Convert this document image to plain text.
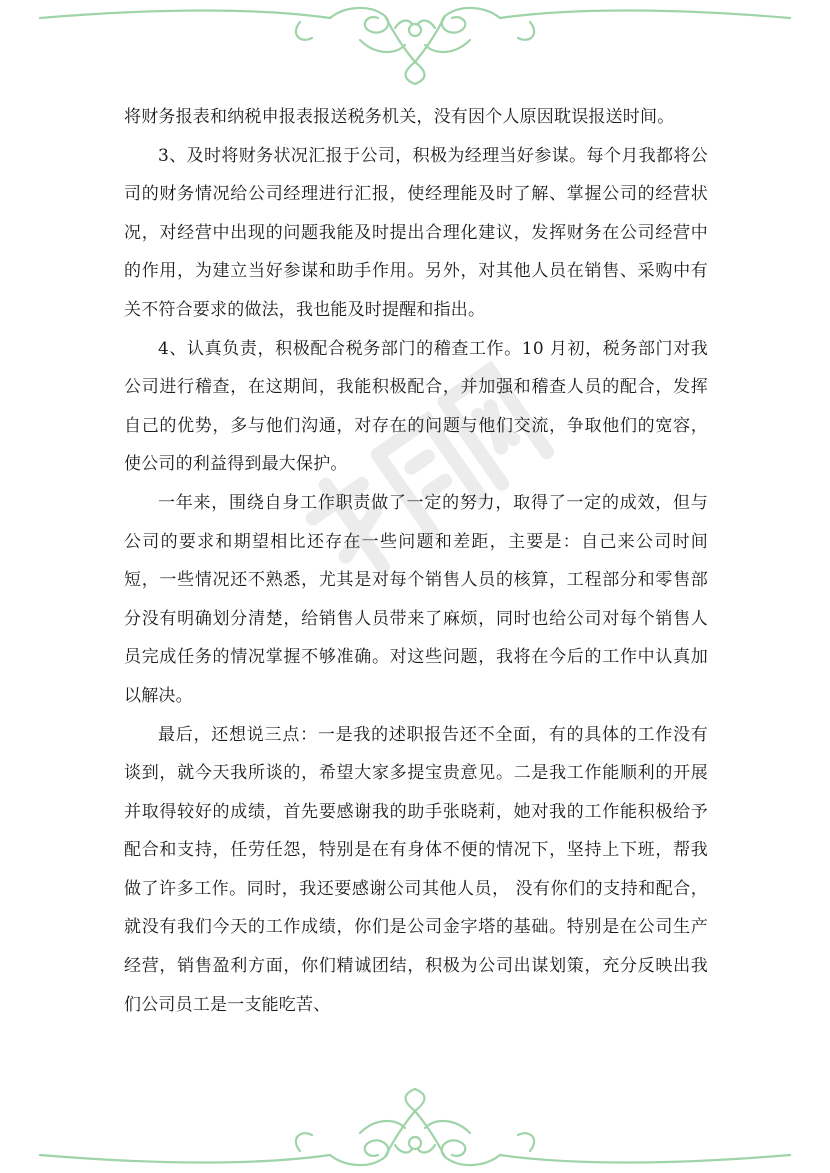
将财务报表和纳税申报表报送税务机关，没有因个人原因耽误报送时间。

3、及时将财务状况汇报于公司，积极为经理当好参谋。每个月我都将公司的财务情况给公司经理进行汇报，使经理能及时了解、掌握公司的经营状况，对经营中出现的问题我能及时提出合理化建议，发挥财务在公司经营中的作用，为建立当好参谋和助手作用。另外，对其他人员在销售、采购中有关不符合要求的做法，我也能及时提醒和指出。

4、认真负责，积极配合税务部门的稽查工作。10 月初，税务部门对我公司进行稽查，在这期间，我能积极配合，并加强和稽查人员的配合，发挥自己的优势，多与他们沟通，对存在的问题与他们交流，争取他们的宽容，使公司的利益得到最大保护。

一年来，围绕自身工作职责做了一定的努力，取得了一定的成效，但与公司的要求和期望相比还存在一些问题和差距，主要是：自己来公司时间短，一些情况还不熟悉，尤其是对每个销售人员的核算，工程部分和零售部分没有明确划分清楚，给销售人员带来了麻烦，同时也给公司对每个销售人员完成任务的情况掌握不够准确。对这些问题，我将在今后的工作中认真加以解决。

最后，还想说三点：一是我的述职报告还不全面，有的具体的工作没有谈到，就今天我所谈的，希望大家多提宝贵意见。二是我工作能顺利的开展并取得较好的成绩，首先要感谢我的助手张晓莉，她对我的工作能积极给予配合和支持，任劳任怨，特别是在有身体不便的情况下，坚持上下班，帮我做了许多工作。同时，我还要感谢公司其他人员， 没有你们的支持和配合，就没有我们今天的工作成绩，你们是公司金字塔的基础。特别是在公司生产经营，销售盈利方面，你们精诚团结，积极为公司出谋划策，充分反映出我们公司员工是一支能吃苦、
